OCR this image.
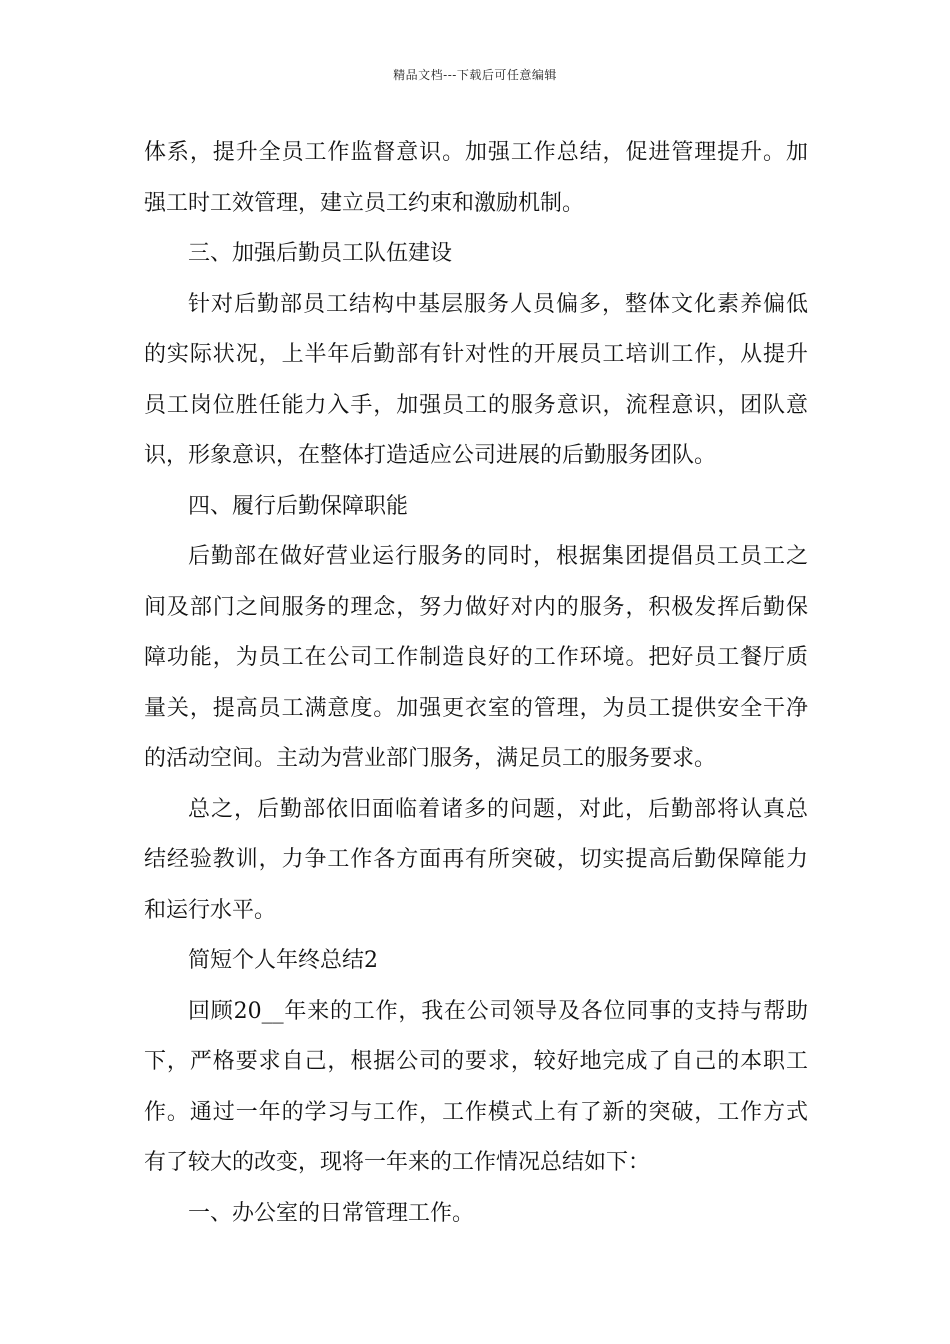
精品文档---下载后可任意编辑
体系，提升全员工作监督意识。加强工作总结，促进管理提升。加
强工时工效管理，建立员工约束和激励机制。
三、加强后勤员工队伍建设
针对后勤部员工结构中基层服务人员偏多，整体文化素养偏低
的实际状况，上半年后勤部有针对性的开展员工培训工作，从提升
员工岗位胜任能力入手，加强员工的服务意识，流程意识，团队意
识，形象意识，在整体打造适应公司进展的后勤服务团队。
四、履行后勤保障职能
后勤部在做好营业运行服务的同时，根据集团提倡员工员工之
间及部门之间服务的理念，努力做好对内的服务，积极发挥后勤保
障功能，为员工在公司工作制造良好的工作环境。把好员工餐厅质
量关，提高员工满意度。加强更衣室的管理，为员工提供安全干净
的活动空间。主动为营业部门服务，满足员工的服务要求。
总之，后勤部依旧面临着诸多的问题，对此，后勤部将认真总
结经验教训，力争工作各方面再有所突破，切实提高后勤保障能力
和运行水平。
简短个人年终总结2
回顾20__年来的工作，我在公司领导及各位同事的支持与帮助
下，严格要求自己，根据公司的要求，较好地完成了自己的本职工
作。通过一年的学习与工作，工作模式上有了新的突破，工作方式
有了较大的改变，现将一年来的工作情况总结如下：
一、办公室的日常管理工作。
